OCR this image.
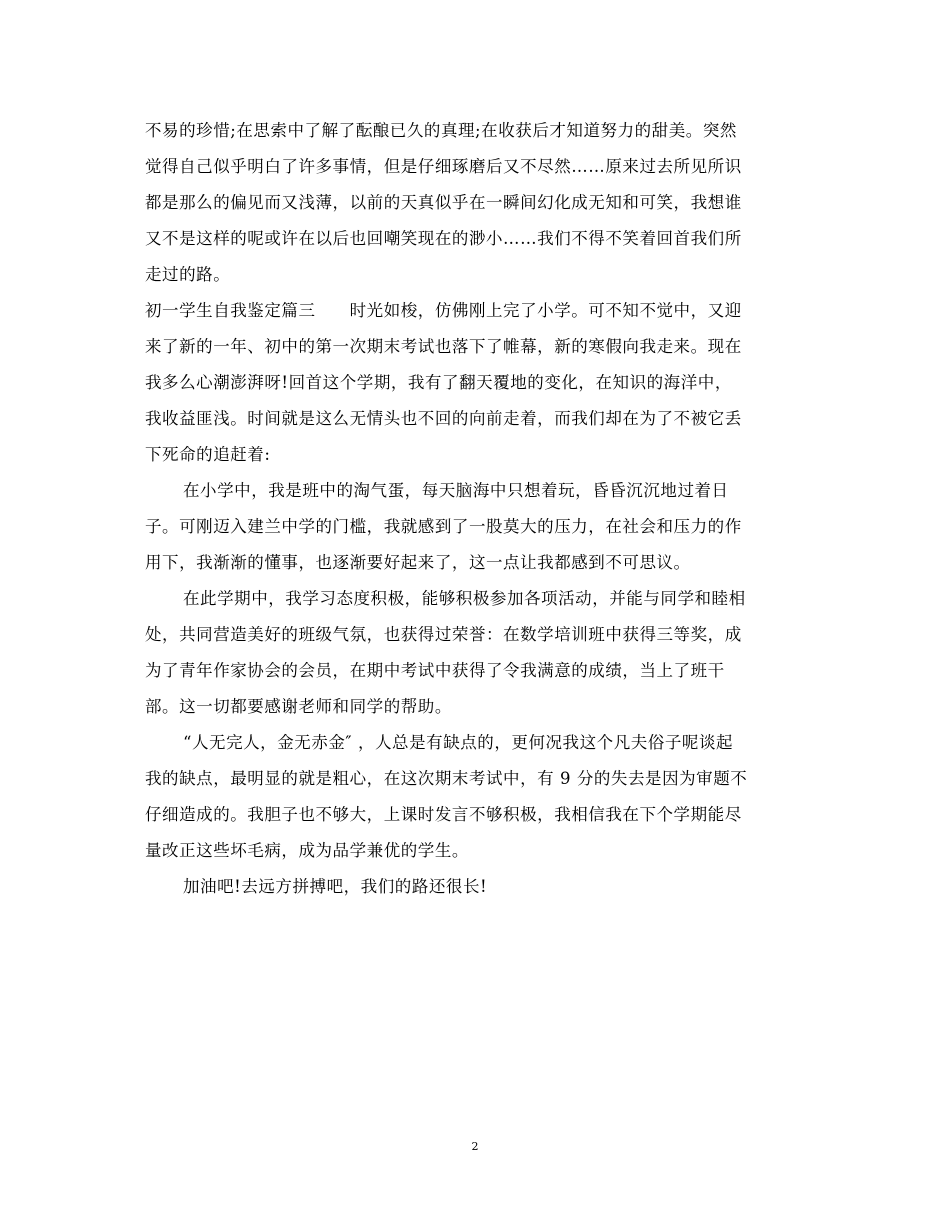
不易的珍惜;在思索中了解了酝酿已久的真理;在收获后才知道努力的甜美。突然
觉得自己似乎明白了许多事情，但是仔细琢磨后又不尽然……原来过去所见所识
都是那么的偏见而又浅薄，以前的天真似乎在一瞬间幻化成无知和可笑，我想谁
又不是这样的呢或许在以后也回嘲笑现在的渺小……我们不得不笑着回首我们所
走过的路。
初一学生自我鉴定篇三　　时光如梭，仿佛刚上完了小学。可不知不觉中，又迎
来了新的一年、初中的第一次期末考试也落下了帷幕，新的寒假向我走来。现在
我多么心潮澎湃呀!回首这个学期，我有了翻天覆地的变化，在知识的海洋中，
我收益匪浅。时间就是这么无情头也不回的向前走着，而我们却在为了不被它丢
下死命的追赶着:
在小学中，我是班中的淘气蛋，每天脑海中只想着玩，昏昏沉沉地过着日
子。可刚迈入建兰中学的门槛，我就感到了一股莫大的压力，在社会和压力的作
用下，我渐渐的懂事，也逐渐要好起来了，这一点让我都感到不可思议。
在此学期中，我学习态度积极，能够积极参加各项活动，并能与同学和睦相
处，共同营造美好的班级气氛，也获得过荣誉：在数学培训班中获得三等奖，成
为了青年作家协会的会员，在期中考试中获得了令我满意的成绩，当上了班干
部。这一切都要感谢老师和同学的帮助。
“人无完人，金无赤金″ ，人总是有缺点的，更何况我这个凡夫俗子呢谈起
我的缺点，最明显的就是粗心，在这次期末考试中，有 9 分的失去是因为审题不
仔细造成的。我胆子也不够大，上课时发言不够积极，我相信我在下个学期能尽
量改正这些坏毛病，成为品学兼优的学生。
加油吧!去远方拼搏吧，我们的路还很长!
2
